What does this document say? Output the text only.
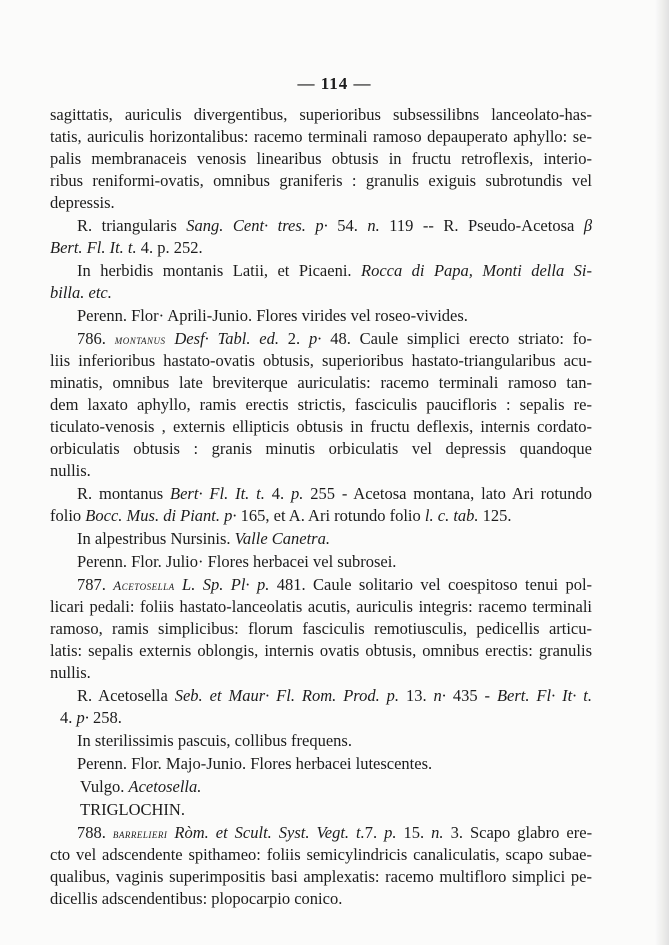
— 114 —
sagittatis, auriculis divergentibus, superioribus subsessilibns lanceolato-has-
tatis, auriculis horizontalibus: racemo terminali ramoso depauperato aphyllo: se-
palis membranaceis venosis linearibus obtusis in fructu retroflexis, interio-
ribus reniformi-ovatis, omnibus graniferis : granulis exiguis subrotundis vel
depressis.
R. triangularis Sang. Cent· tres. p· 54. n. 119 -- R. Pseudo-Acetosa β
Bert. Fl. It. t. 4. p. 252.
In herbidis montanis Latii, et Picaeni. Rocca di Papa, Monti della Si-
billa. etc.
Perenn. Flor· Aprili-Junio. Flores virides vel roseo-vivides.
786. montanus Desf· Tabl. ed. 2. p· 48. Caule simplici erecto striato: fo-
liis inferioribus hastato-ovatis obtusis, superioribus hastato-triangularibus acu-
minatis, omnibus late breviterque auriculatis: racemo terminali ramoso tan-
dem laxato aphyllo, ramis erectis strictis, fasciculis paucifloris : sepalis re-
ticulato-venosis , externis ellipticis obtusis in fructu deflexis, internis cordato-
orbiculatis obtusis : granis minutis orbiculatis vel depressis quandoque
nullis.
R. montanus Bert· Fl. It. t. 4. p. 255 - Acetosa montana, lato Ari rotundo
folio Bocc. Mus. di Piant. p· 165, et A. Ari rotundo folio l. c. tab. 125.
In alpestribus Nursinis. Valle Canetra.
Perenn. Flor. Julio· Flores herbacei vel subrosei.
787. Acetosella L. Sp. Pl· p. 481. Caule solitario vel coespitoso tenui pol-
licari pedali: foliis hastato-lanceolatis acutis, auriculis integris: racemo terminali
ramoso, ramis simplicibus: florum fasciculis remotiusculis, pedicellis articu-
latis: sepalis externis oblongis, internis ovatis obtusis, omnibus erectis: granulis
nullis.
R. Acetosella Seb. et Maur· Fl. Rom. Prod. p. 13. n· 435 - Bert. Fl· It· t.
4. p· 258.
In sterilissimis pascuis, collibus frequens.
Perenn. Flor. Majo-Junio. Flores herbacei lutescentes.
Vulgo. Acetosella.
TRIGLOCHIN.
788. barrelieri Ròm. et Scult. Syst. Vegt. t.7. p. 15. n. 3. Scapo glabro ere-
cto vel adscendente spithameo: foliis semicylindricis canaliculatis, scapo subae-
qualibus, vaginis superimpositis basi amplexatis: racemo multifloro simplici pe-
dicellis adscendentibus: plopocarpio conico.
